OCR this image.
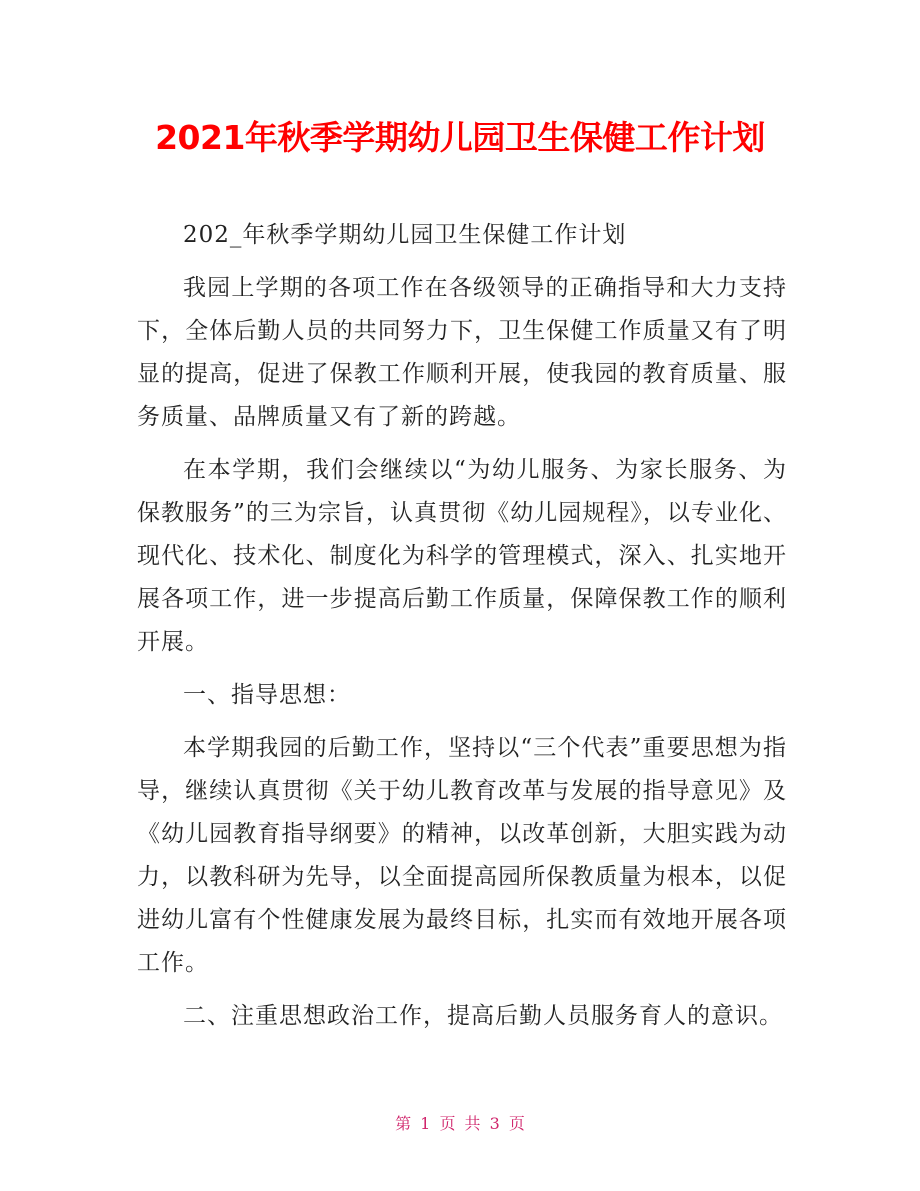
2021年秋季学期幼儿园卫生保健工作计划

202_年秋季学期幼儿园卫生保健工作计划

我园上学期的各项工作在各级领导的正确指导和大力支持下，全体后勤人员的共同努力下，卫生保健工作质量又有了明显的提高，促进了保教工作顺利开展，使我园的教育质量、服务质量、品牌质量又有了新的跨越。

在本学期，我们会继续以“为幼儿服务、为家长服务、为保教服务”的三为宗旨，认真贯彻《幼儿园规程》，以专业化、现代化、技术化、制度化为科学的管理模式，深入、扎实地开展各项工作，进一步提高后勤工作质量，保障保教工作的顺利开展。

一、指导思想：

本学期我园的后勤工作，坚持以“三个代表”重要思想为指导，继续认真贯彻《关于幼儿教育改革与发展的指导意见》及《幼儿园教育指导纲要》的精神，以改革创新，大胆实践为动力，以教科研为先导，以全面提高园所保教质量为根本，以促进幼儿富有个性健康发展为最终目标，扎实而有效地开展各项工作。

二、注重思想政治工作，提高后勤人员服务育人的意识。

第 1 页 共 3 页
